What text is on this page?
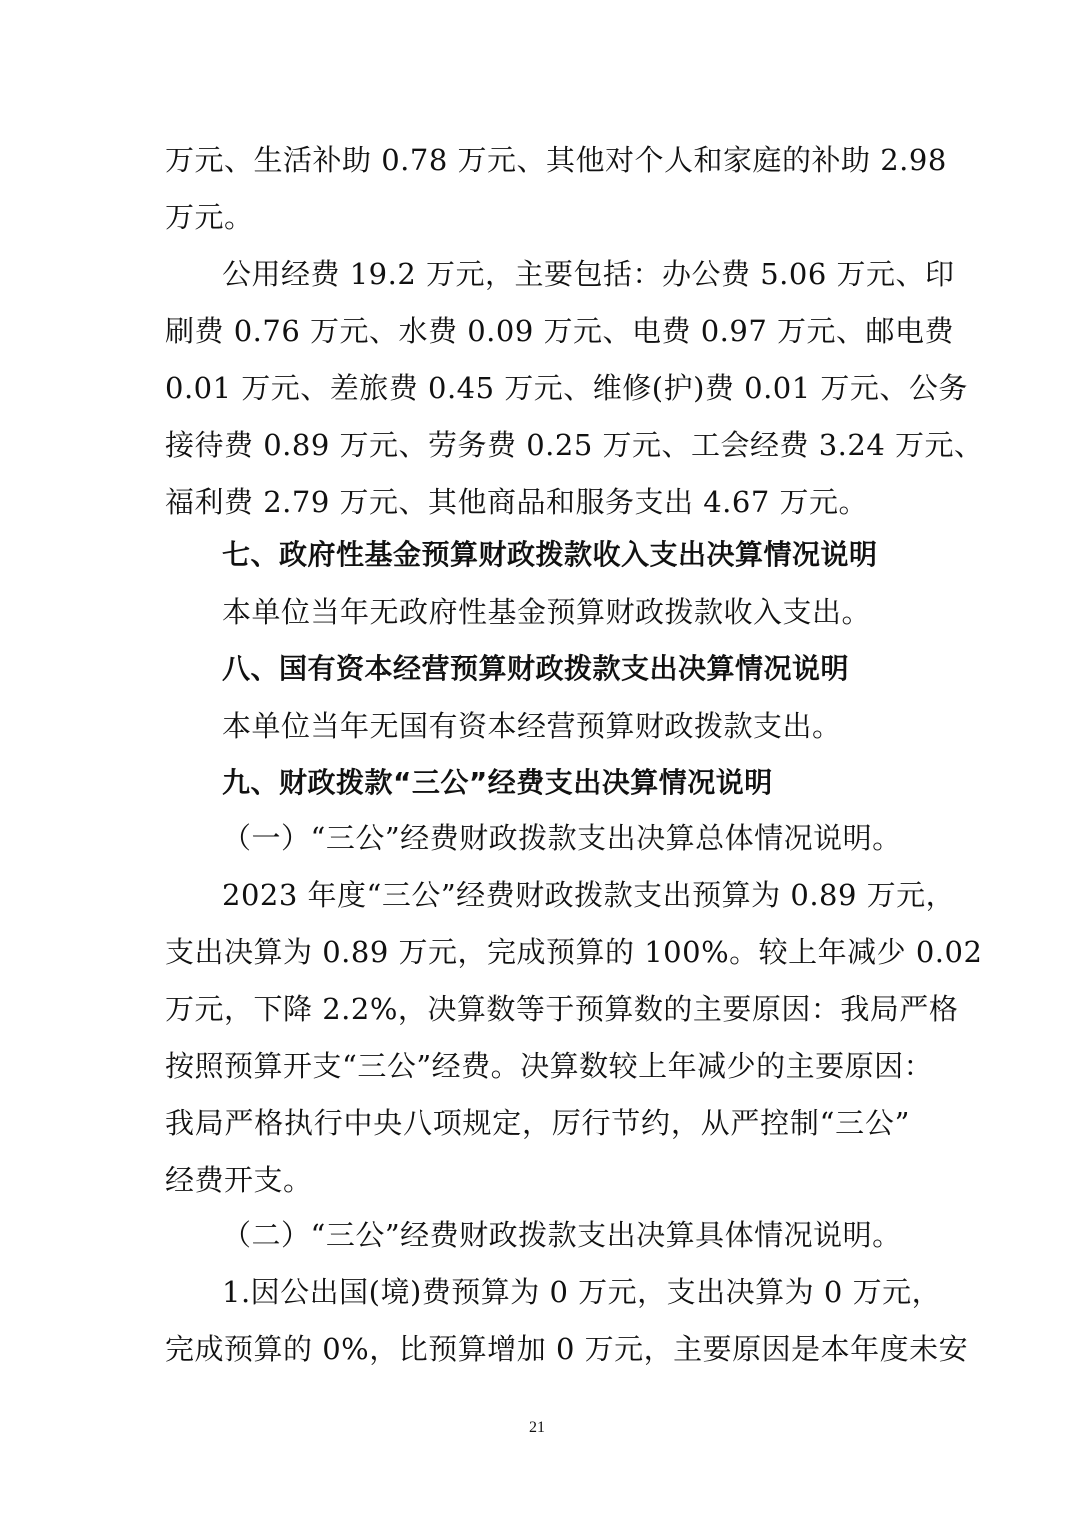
万元、生活补助 0.78 万元、其他对个人和家庭的补助 2.98
万元。
公用经费 19.2 万元，主要包括：办公费 5.06 万元、印
刷费 0.76 万元、水费 0.09 万元、电费 0.97 万元、邮电费
0.01 万元、差旅费 0.45 万元、维修(护)费 0.01 万元、公务
接待费 0.89 万元、劳务费 0.25 万元、工会经费 3.24 万元、
福利费 2.79 万元、其他商品和服务支出 4.67 万元。
七、政府性基金预算财政拨款收入支出决算情况说明
本单位当年无政府性基金预算财政拨款收入支出。
八、国有资本经营预算财政拨款支出决算情况说明
本单位当年无国有资本经营预算财政拨款支出。
九、财政拨款“三公”经费支出决算情况说明
（一）“三公”经费财政拨款支出决算总体情况说明。
2023 年度“三公”经费财政拨款支出预算为 0.89 万元，
支出决算为 0.89 万元，完成预算的 100%。较上年减少 0.02
万元，下降 2.2%，决算数等于预算数的主要原因：我局严格
按照预算开支“三公”经费。决算数较上年减少的主要原因：
我局严格执行中央八项规定，厉行节约，从严控制“三公”
经费开支。
（二）“三公”经费财政拨款支出决算具体情况说明。
1.因公出国(境)费预算为 0 万元，支出决算为 0 万元，
完成预算的 0%，比预算增加 0 万元，主要原因是本年度未安
21
